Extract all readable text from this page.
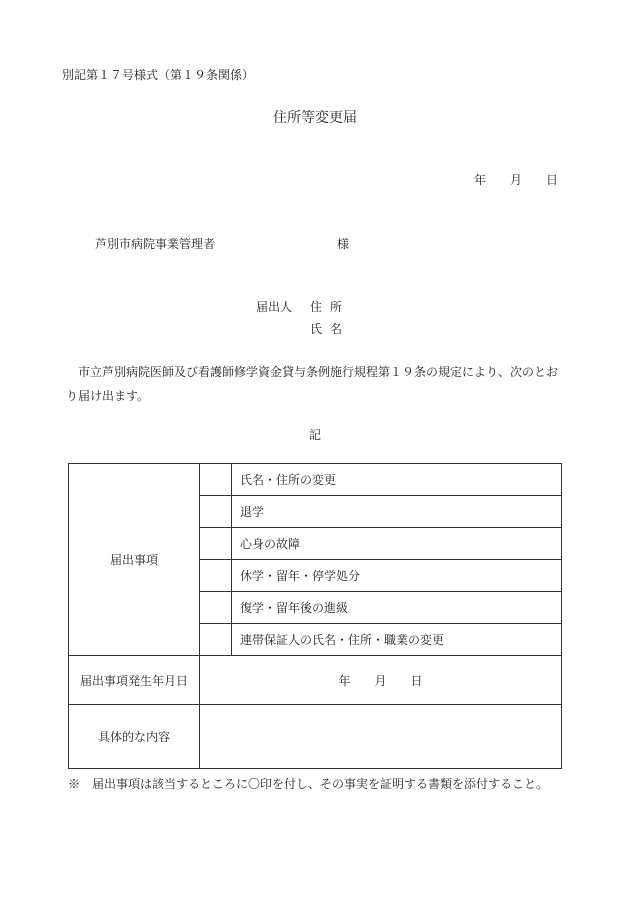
別記第１７号様式（第１９条関係）
住所等変更届
年 月 日
芦別市病院事業管理者	様
届出人 住所
氏名
市立芦別病院医師及び看護師修学資金貸与条例施行規程第１９条の規定により、次のとおり届け出ます。
記
届出事項		氏名・住所の変更
		退学
		心身の故障
		休学・留年・停学処分
		復学・留年後の進級
		連帯保証人の氏名・住所・職業の変更
届出事項発生年月日	年 月 日	
具体的な内容		
※　届出事項は該当するところに〇印を付し、その事実を証明する書類を添付すること。
